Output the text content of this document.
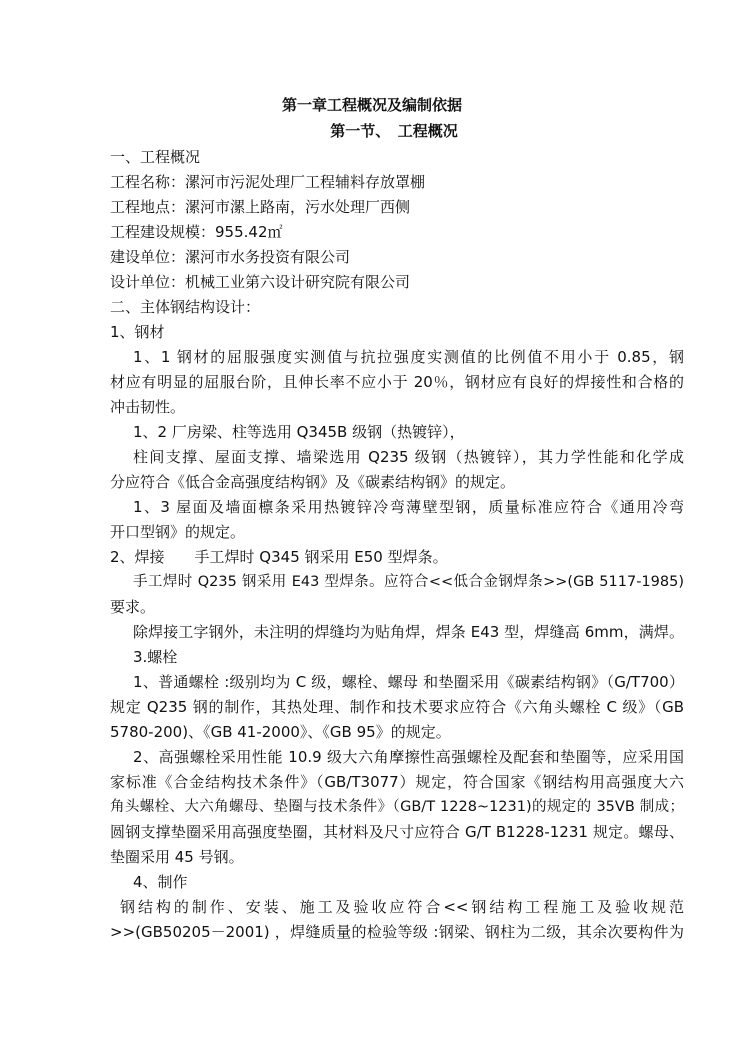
第一章工程概况及编制依据
第一节、　工程概况
一、工程概况
工程名称：漯河市污泥处理厂工程辅料存放罩棚
工程地点：漯河市漯上路南，污水处理厂西侧
工程建设规模：955.42㎡
建设单位：漯河市水务投资有限公司
设计单位：机械工业第六设计研究院有限公司
二、主体钢结构设计：
1、钢材
1、1 钢材的屈服强度实测值与抗拉强度实测值的比例值不用小于 0.85，钢
材应有明显的屈服台阶，且伸长率不应小于 20％，钢材应有良好的焊接性和合格的
冲击韧性。
1、2 厂房梁、柱等选用 Q345B 级钢（热镀锌），
柱间支撑、屋面支撑、墙梁选用 Q235 级钢（热镀锌），其力学性能和化学成
分应符合《低合金高强度结构钢》及《碳素结构钢》的规定。
1、3 屋面及墙面檩条采用热镀锌冷弯薄壁型钢，质量标准应符合《通用冷弯
开口型钢》的规定。
2、焊接　　手工焊时 Q345 钢采用 E50 型焊条。
手工焊时 Q235 钢采用 E43 型焊条。应符合<<低合金钢焊条>>(GB 5117-1985)
要求。
除焊接工字钢外，未注明的焊缝均为贴角焊，焊条 E43 型，焊缝高 6mm，满焊。
3.螺栓
1、普通螺栓 :级别均为 C 级，螺栓、螺母 和垫圈采用《碳素结构钢》（G/T700）
规定 Q235 钢的制作，其热处理、制作和技术要求应符合《六角头螺栓 C 级》（GB
5780-200)、《GB 41-2000》、《GB 95》的规定。
2、高强螺栓采用性能 10.9 级大六角摩擦性高强螺栓及配套和垫圈等，应采用国
家标准《合金结构技术条件》（GB/T3077）规定，符合国家《钢结构用高强度大六
角头螺栓、大六角螺母、垫圈与技术条件》（GB/T 1228~1231)的规定的 35VB 制成；
圆钢支撑垫圈采用高强度垫圈，其材料及尺寸应符合 G/T B1228-1231 规定。螺母、
垫圈采用 45 号钢。
4、制作
钢结构的制作、安装、施工及验收应符合<<钢结构工程施工及验收规范
>>(GB50205－2001) ，焊缝质量的检验等级 :钢梁、钢柱为二级，其余次要构件为
